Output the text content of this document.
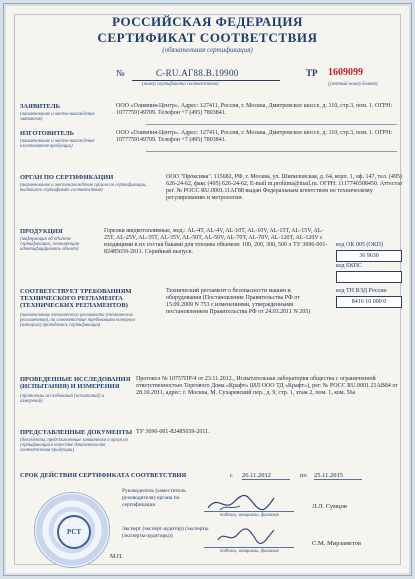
РОССИЙСКАЯ ФЕДЕРАЦИЯ
СЕРТИФИКАТ СООТВЕТСТВИЯ
(обязательная сертификация)
№	C-RU.AГ88.B.19900
(номер сертификата соответствия)
ТР 1609099
(учетный номер бланка)
ЗАЯВИТЕЛЬ
(наименование и место-нахождение заявителя)
ООО «Олимпия-Центр». Адрес: 127411, Россия, г. Москва, Дмитровское шоссе, д. 110, стр.3, пом. 1. ОГРН: 1077759149709. Телефон +7 (495) 7803841.
ИЗГОТОВИТЕЛЬ
(наименование и место-нахождение изготовителя продукции)
ООО «Олимпия-Центр». Адрес: 127411, Россия, г. Москва, Дмитровское шоссе, д. 110, стр.3, пом. 1. ОГРН: 1077759149709. Телефон +7 (495) 7803841.
ОРГАН ПО СЕРТИФИКАЦИИ
(наименование и местонахождение органа по сертификации, выдавшего сертификат соответствия)
ООО "Проксима". 115682, РФ, г. Москва, ул. Шипиловская, д. 64, корп. 1, оф. 147, тел. (495) 626-24-62, факс (495) 626-24-62, E-mail m.prohima@mail.ru. ОГРН: 1117746508450. Аттестат рег. № РОСС RU.0001.11АГ88 выдан Федеральным агентством по техническому регулированию и метрологии.
ПРОДУКЦИЯ
(информация об объекте сертификации, позволяющая идентифицировать объект)
Горелки жидкотопливные, мод.: AL-4T, AL-4V, AL-10T, AL-10V, AL-15T, AL-15V, AL-25T, AL-25V, AL-35T, AL-35V, AL-50T, AL-50V, AL-70T, AL-70V, AL-120T, AL-120V с входящими в их состав баками для топлива объемом: 100, 200, 300, 500 л ТУ 3696-001-82485659-2011. Серийный выпуск.
код ОК 005 (ОКП)
36 9630
код ЕКПС
код ТН ВЭД России
8416 10 000 0
СООТВЕТСТВУЕТ ТРЕБОВАНИЯМ ТЕХНИЧЕСКОГО РЕГЛАМЕНТА (ТЕХНИЧЕСКИХ РЕГЛАМЕНТОВ)
(наименование технического регламента (технических регламентов), на соответствие требованиям которого (которых) проводилась сертификация)
Технический регламент о безопасности машин и оборудования (Постановление Правительства РФ от 15.09.2009 N 753 с изменениями, утвержденными постановлением Правительства РФ от 24.03.2011 N 205)
ПРОВЕДЕННЫЕ ИССЛЕДОВАНИЯ (ИСПЫТАНИЯ) И ИЗМЕРЕНИЯ
(протоколы исследований (испытаний) и измерений)
Протокол № 10757ПР/4 от 23.11.2012., Испытательная лаборатория общества с ограниченной ответственностью Торгового Дома «Крафт» (ИЛ ООО ТД «Крафт»), рег. № РОСС RU.0001.21АВ84 от 28.10.2011, адрес: г. Москва, М. Сухаревский пер., д. 9, стр. 1, этаж 2, пом. 1, ком. 56а
ПРЕДСТАВЛЕННЫЕ ДОКУМЕНТЫ
(документы, представленные заявителем в орган по сертификации в качестве доказательств соответствия продукции)
ТУ 3696-001-82485659-2011.
СРОК ДЕЙСТВИЯ СЕРТИФИКАТА СООТВЕТСТВИЯ	с 26.11.2012	по 25.11.2015
Руководитель (заместитель руководителя) органа по сертификации
подпись, инициалы, фамилия
Л.Л. Сумцов
Эксперт (эксперт-аудитор) (эксперты (эксперты-аудиторы))
подпись, инициалы, фамилия
С.М. Мирзаметов
РСТ
М.П.
